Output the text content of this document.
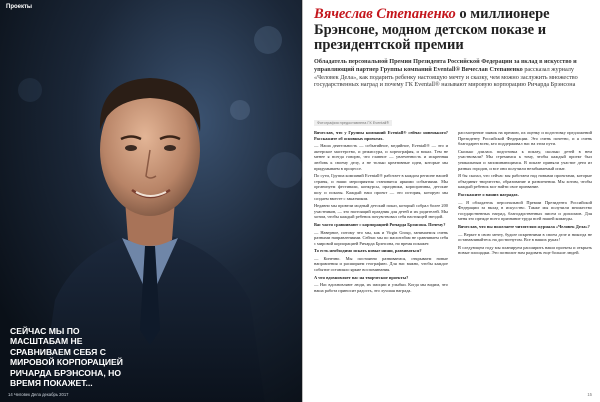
Проекты
СЕЙЧАС МЫ ПО МАСШТАБАМ НЕ СРАВНИВАЕМ СЕБЯ С МИРОВОЙ КОРПОРАЦИЕЙ РИЧАРДА БРЭНСОНА, НО ВРЕМЯ ПОКАЖЕТ...
14 Человек Дела декабрь 2017
Вячеслав Степаненко о миллионере Брэнсоне, модном детском показе и президентской премии
Обладатель персональной Премии Президента Российской Федерации за вклад в искусство и управляющий партнер Группы компаний Eventall® Вячеслав Степаненко рассказал журналу «Человек Дела», как подарить ребенку настоящую мечту и сказку, чем можно заслужить множество государственных наград и почему ГК Eventall® называют мировую корпорацию Ричарда Брэнсона
Фотография предоставлена ГК Eventall®

Вячеслав, что у Группы компаний Eventall® сейчас новенького? Расскажите об основных проектах.

— Наша деятельность — событийное, медийное, Eventall® — это и актерское мастерство, и режиссура, и хореография, и вокал. Тем не менее я всегда говорю, что главное — увлеченность и искренняя любовь к своему делу, а не только креативные идеи, которые мы придумываем в процессе.

По сути, Группа компаний Eventall® работает в каждом регионе нашей страны, и наши мероприятия становятся яркими событиями. Мы организуем фестивали, конкурсы, праздники, корпоративы, детские шоу и показы. Каждый наш проект — это история, которую мы создаем вместе с заказчиком.

Недавно мы провели модный детский показ, который собрал более 200 участников, — это настоящий праздник для детей и их родителей. Мы хотим, чтобы каждый ребенок почувствовал себя настоящей звездой.

Вас часто сравнивают с корпорацией Ричарда Брэнсона. Почему?

— Наверное, потому что мы, как и Virgin Group, занимаемся очень разными направлениями. Сейчас мы по масштабам не сравниваем себя с мировой корпорацией Ричарда Брэнсона, но время покажет.

То есть необходимо искать новые ниши, развиваться?

— Конечно. Мы постоянно развиваемся, открываем новые направления и расширяем географию. Для нас важно, чтобы каждое событие оставляло яркие воспоминания.

А что вдохновляет вас на творческие проекты?

— Нас вдохновляют люди, их эмоции и улыбки. Когда мы видим, что наша работа приносит радость, это лучшая награда.

рассмотрение заявок на премию, их оценку и подготовку предложений Президенту Российской Федерации. Это очень почетно, и я очень благодарен всем, кто поддерживал нас на этом пути.

Сколько длилась подготовка к показу, сколько детей в нем участвовали? Мы стремимся к тому, чтобы каждый проект был уникальным и запоминающимся. В показе приняли участие дети из разных городов, и все они получили незабываемый опыт.

Я бы сказал, что сейчас мы работаем над новыми проектами, которые объединят творчество, образование и развлечения. Мы хотим, чтобы каждый ребенок мог найти свое призвание.

Расскажите о ваших наградах.

— Я обладатель персональной Премии Президента Российской Федерации за вклад в искусство. Также мы получили множество государственных наград, благодарственных писем и дипломов. Для меня это прежде всего признание труда всей нашей команды.

Вячеслав, что вы пожелаете читателям журнала «Человек Дела»?

— Верьте в свою мечту, будьте искренними в своем деле и никогда не останавливайтесь на достигнутом. Все в ваших руках!

В следующем году мы планируем расширить наши проекты и открыть новые площадки. Это позволит нам радовать еще больше людей.

15
